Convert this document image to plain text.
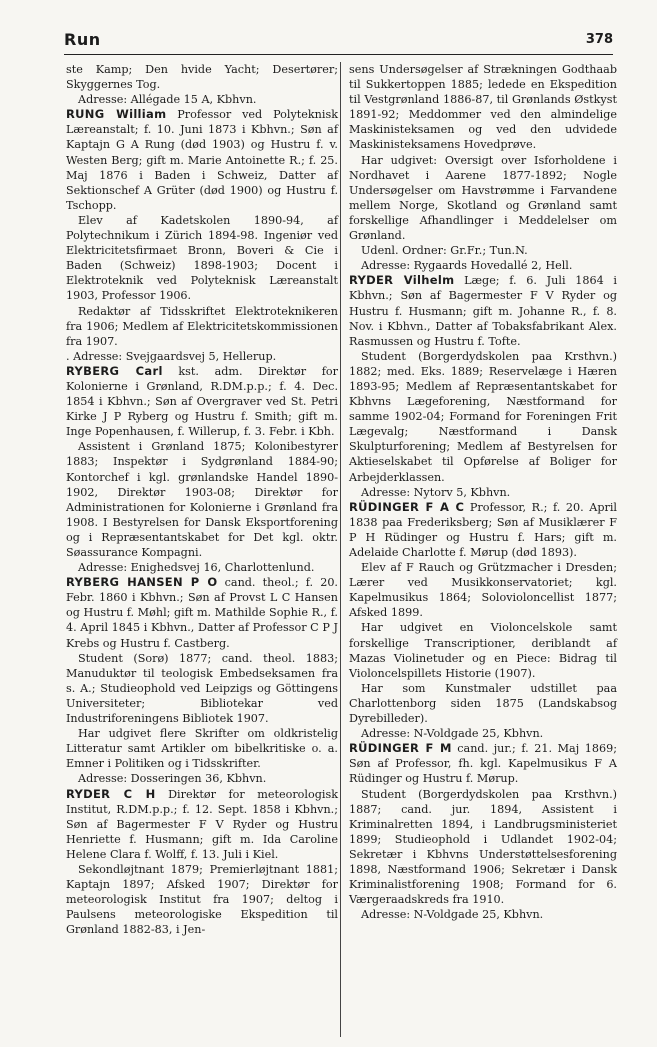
Run	378

ste Kamp; Den hvide Yacht; Desertører; Skyggernes Tog.

Adresse: Allégade 15 A, Kbhvn.

RUNG William Professor ved Polyteknisk Læreanstalt; f. 10. Juni 1873 i Kbhvn.; Søn af Kaptajn G A Rung (død 1903) og Hustru f. v. Westen Berg; gift m. Marie Antoinette R.; f. 25. Maj 1876 i Baden i Schweiz, Datter af Sektionschef A Grüter (død 1900) og Hustru f. Tschopp.

Elev af Kadetskolen 1890-94, af Polytechnikum i Zürich 1894-98. Ingeniør ved Elektricitetsfirmaet Bronn, Boveri & Cie i Baden (Schweiz) 1898-1903; Docent i Elektroteknik ved Polyteknisk Læreanstalt 1903, Professor 1906.

Redaktør af Tidsskriftet Elektroteknikeren fra 1906; Medlem af Elektricitetskommissionen fra 1907.

. Adresse: Svejgaardsvej 5, Hellerup.

RYBERG Carl kst. adm. Direktør for Kolonierne i Grønland, R.DM.p.p.; f. 4. Dec. 1854 i Kbhvn.; Søn af Overgraver ved St. Petri Kirke J P Ryberg og Hustru f. Smith; gift m. Inge Popenhausen, f. Willerup, f. 3. Febr. i Kbh.

Assistent i Grønland 1875; Kolonibestyrer 1883; Inspektør i Sydgrønland 1884-90; Kontorchef i kgl. grønlandske Handel 1890-1902, Direktør 1903-08; Direktør for Administrationen for Kolonierne i Grønland fra 1908. I Bestyrelsen for Dansk Eksportforening og i Repræsentantskabet for Det kgl. oktr. Søassurance Kompagni.

Adresse: Enighedsvej 16, Charlottenlund.

RYBERG HANSEN P O cand. theol.; f. 20. Febr. 1860 i Kbhvn.; Søn af Provst L C Hansen og Hustru f. Møhl; gift m. Mathilde Sophie R., f. 4. April 1845 i Kbhvn., Datter af Professor C P J Krebs og Hustru f. Castberg.

Student (Sorø) 1877; cand. theol. 1883; Manuduktør til teologisk Embedseksamen fra s. A.; Studieophold ved Leipzigs og Göttingens Universiteter; Bibliotekar ved Industriforeningens Bibliotek 1907.

Har udgivet flere Skrifter om oldkristelig Litteratur samt Artikler om bibelkritiske o. a. Emner i Politiken og i Tidsskrifter.

Adresse: Dosseringen 36, Kbhvn.

RYDER C H Direktør for meteorologisk Institut, R.DM.p.p.; f. 12. Sept. 1858 i Kbhvn.; Søn af Bagermester F V Ryder og Hustru Henriette f. Husmann; gift m. Ida Caroline Helene Clara f. Wolff, f. 13. Juli i Kiel.

Sekondløjtnant 1879; Premierløjtnant 1881; Kaptajn 1897; Afsked 1907; Direktør for meteorologisk Institut fra 1907; deltog i Paulsens meteorologiske Ekspedition til Grønland 1882-83, i Jen-

sens Undersøgelser af Strækningen Godthaab til Sukkertoppen 1885; ledede en Ekspedition til Vestgrønland 1886-87, til Grønlands Østkyst 1891-92; Meddommer ved den almindelige Maskinisteksamen og ved den udvidede Maskinisteksamens Hovedprøve.

Har udgivet: Oversigt over Isforholdene i Nordhavet i Aarene 1877-1892; Nogle Undersøgelser om Havstrømme i Farvandene mellem Norge, Skotland og Grønland samt forskellige Afhandlinger i Meddelelser om Grønland.

Udenl. Ordner: Gr.Fr.; Tun.N.

Adresse: Rygaards Hovedallé 2, Hell.

RYDER Vilhelm Læge; f. 6. Juli 1864 i Kbhvn.; Søn af Bagermester F V Ryder og Hustru f. Husmann; gift m. Johanne R., f. 8. Nov. i Kbhvn., Datter af Tobaksfabrikant Alex. Rasmussen og Hustru f. Tofte.

Student (Borgerdydskolen paa Krsthvn.) 1882; med. Eks. 1889; Reservelæge i Hæren 1893-95; Medlem af Repræsentantskabet for Kbhvns Lægeforening, Næstformand for samme 1902-04; Formand for Foreningen Frit Lægevalg; Næstformand i Dansk Skulpturforening; Medlem af Bestyrelsen for Aktieselskabet til Opførelse af Boliger for Arbejderklassen.

Adresse: Nytorv 5, Kbhvn.

RÜDINGER F A C Professor, R.; f. 20. April 1838 paa Frederiksberg; Søn af Musiklærer F P H Rüdinger og Hustru f. Hars; gift m. Adelaide Charlotte f. Mørup (død 1893).

Elev af F Rauch og Grützmacher i Dresden; Lærer ved Musikkonservatoriet; kgl. Kapelmusikus 1864; Solovioloncellist 1877; Afsked 1899.

Har udgivet en Violoncelskole samt forskellige Transcriptioner, deriblandt af Mazas Violinetuder og en Piece: Bidrag til Violoncelspillets Historie (1907).

Har som Kunstmaler udstillet paa Charlottenborg siden 1875 (Landskabsog Dyrebilleder).

Adresse: N-Voldgade 25, Kbhvn.

RÜDINGER F M cand. jur.; f. 21. Maj 1869; Søn af Professor, fh. kgl. Kapelmusikus F A Rüdinger og Hustru f. Mørup.

Student (Borgerdydskolen paa Krsthvn.) 1887; cand. jur. 1894, Assistent i Kriminalretten 1894, i Landbrugsministeriet 1899; Studieophold i Udlandet 1902-04; Sekretær i Kbhvns Understøttelsesforening 1898, Næstformand 1906; Sekretær i Dansk Kriminalistforening 1908; Formand for 6. Værgeraadskreds fra 1910.

Adresse: N-Voldgade 25, Kbhvn.
